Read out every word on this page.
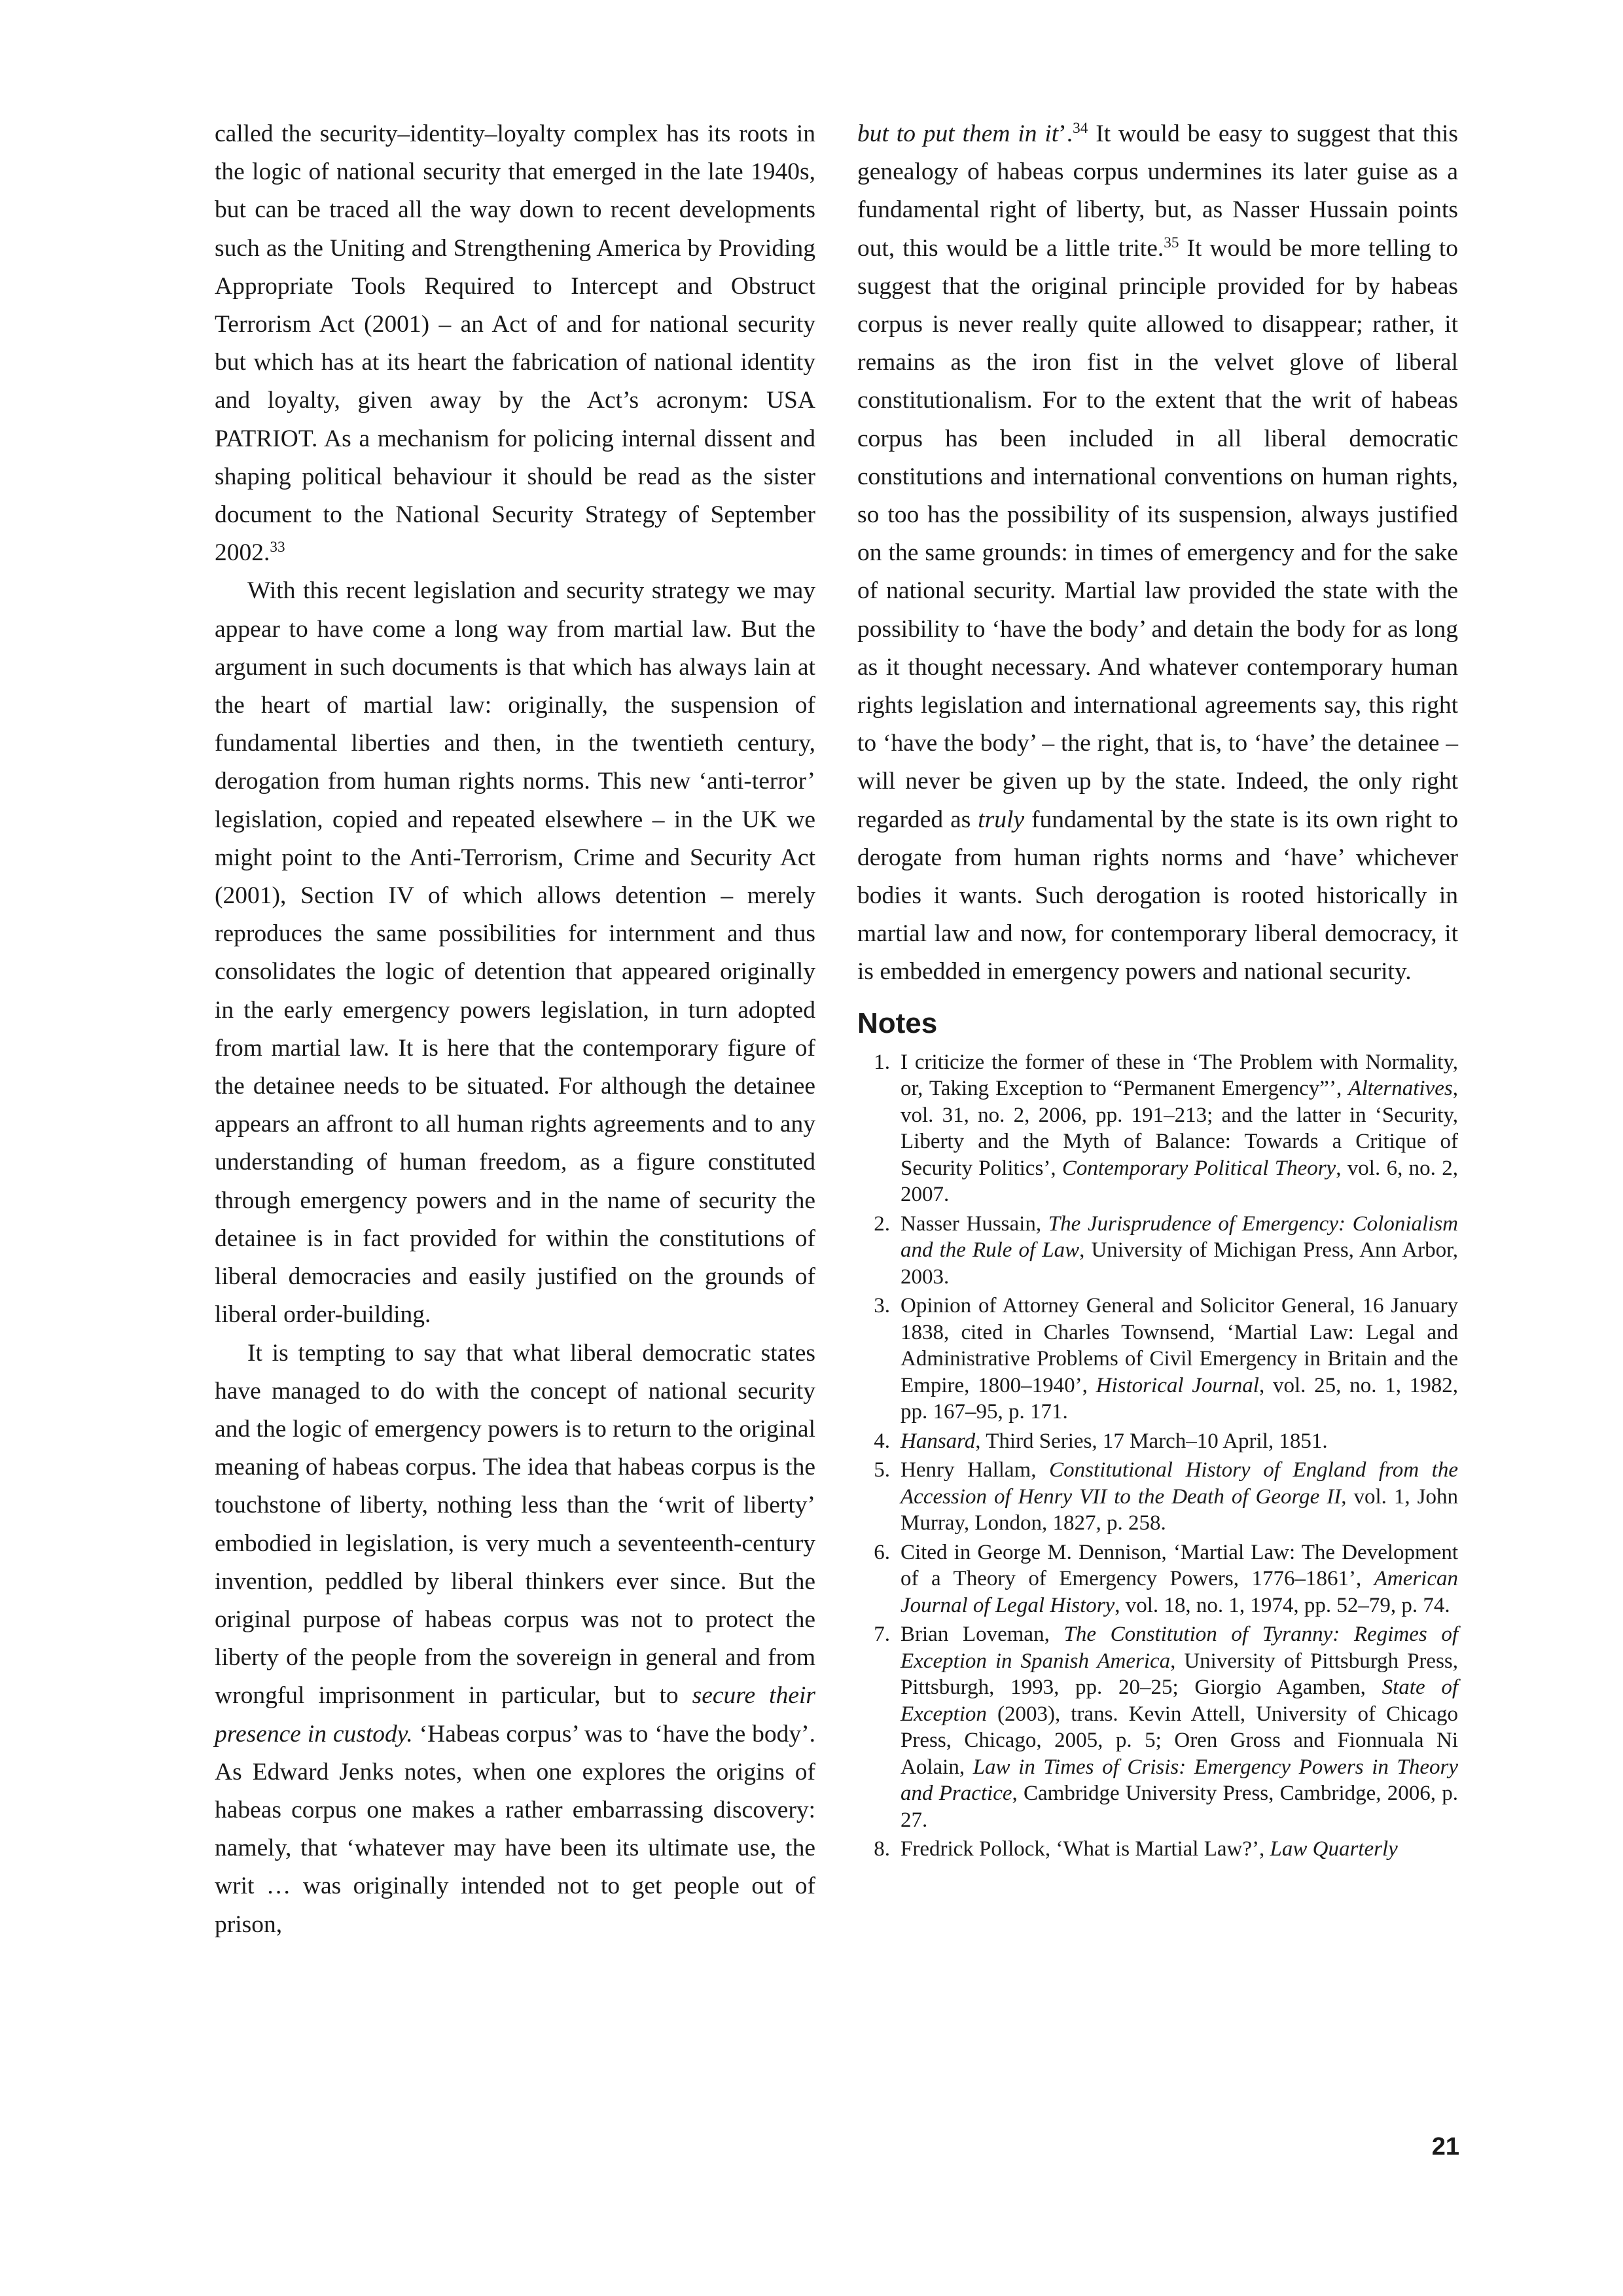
called the security–identity–loyalty complex has its roots in the logic of national security that emerged in the late 1940s, but can be traced all the way down to recent developments such as the Uniting and Strengthening America by Providing Appropriate Tools Required to Intercept and Obstruct Terrorism Act (2001) – an Act of and for national security but which has at its heart the fabrication of national identity and loyalty, given away by the Act’s acronym: USA PATRIOT. As a mechanism for policing internal dissent and shaping political behaviour it should be read as the sister document to the National Security Strategy of September 2002.33

With this recent legislation and security strategy we may appear to have come a long way from martial law. But the argument in such documents is that which has always lain at the heart of martial law: originally, the suspension of fundamental liberties and then, in the twentieth century, derogation from human rights norms. This new ‘anti-terror’ legislation, copied and repeated elsewhere – in the UK we might point to the Anti-Terrorism, Crime and Security Act (2001), Section IV of which allows detention – merely reproduces the same possibilities for internment and thus consolidates the logic of detention that appeared originally in the early emergency powers legislation, in turn adopted from martial law. It is here that the contemporary figure of the detainee needs to be situated. For although the detainee appears an affront to all human rights agreements and to any understanding of human freedom, as a figure constituted through emergency powers and in the name of security the detainee is in fact provided for within the constitutions of liberal democracies and easily justified on the grounds of liberal order-building.

It is tempting to say that what liberal democratic states have managed to do with the concept of national security and the logic of emergency powers is to return to the original meaning of habeas corpus. The idea that habeas corpus is the touchstone of liberty, nothing less than the ‘writ of liberty’ embodied in legislation, is very much a seventeenth-century invention, peddled by liberal thinkers ever since. But the original purpose of habeas corpus was not to protect the liberty of the people from the sovereign in general and from wrongful imprisonment in particular, but to secure their presence in custody. ‘Habeas corpus’ was to ‘have the body’. As Edward Jenks notes, when one explores the origins of habeas corpus one makes a rather embarrassing discovery: namely, that ‘whatever may have been its ultimate use, the writ … was originally intended not to get people out of prison,

but to put them in it’.$^{34}$ It would be easy to suggest that this genealogy of habeas corpus undermines its later guise as a fundamental right of liberty, but, as Nasser Hussain points out, this would be a little trite.$^{35}$ It would be more telling to suggest that the original principle provided for by habeas corpus is never really quite allowed to disappear; rather, it remains as the iron fist in the velvet glove of liberal constitutionalism. For to the extent that the writ of habeas corpus has been included in all liberal democratic constitutions and international conventions on human rights, so too has the possibility of its suspension, always justified on the same grounds: in times of emergency and for the sake of national security. Martial law provided the state with the possibility to ‘have the body’ and detain the body for as long as it thought necessary. And whatever contemporary human rights legislation and international agreements say, this right to ‘have the body’ – the right, that is, to ‘have’ the detainee – will never be given up by the state. Indeed, the only right regarded as truly fundamental by the state is its own right to derogate from human rights norms and ‘have’ whichever bodies it wants. Such derogation is rooted historically in martial law and now, for contemporary liberal democracy, it is embedded in emergency powers and national security.

Notes
1. I criticize the former of these in ‘The Problem with Normality, or, Taking Exception to “Permanent Emergency”’, Alternatives, vol. 31, no. 2, 2006, pp. 191–213; and the latter in ‘Security, Liberty and the Myth of Balance: Towards a Critique of Security Politics’, Contemporary Political Theory, vol. 6, no. 2, 2007.
2. Nasser Hussain, The Jurisprudence of Emergency: Colonialism and the Rule of Law, University of Michigan Press, Ann Arbor, 2003.
3. Opinion of Attorney General and Solicitor General, 16 January 1838, cited in Charles Townsend, ‘Martial Law: Legal and Administrative Problems of Civil Emergency in Britain and the Empire, 1800–1940’, Historical Journal, vol. 25, no. 1, 1982, pp. 167–95, p. 171.
4. Hansard, Third Series, 17 March–10 April, 1851.
5. Henry Hallam, Constitutional History of England from the Accession of Henry VII to the Death of George II, vol. 1, John Murray, London, 1827, p. 258.
6. Cited in George M. Dennison, ‘Martial Law: The Development of a Theory of Emergency Powers, 1776–1861’, American Journal of Legal History, vol. 18, no. 1, 1974, pp. 52–79, p. 74.
7. Brian Loveman, The Constitution of Tyranny: Regimes of Exception in Spanish America, University of Pittsburgh Press, Pittsburgh, 1993, pp. 20–25; Giorgio Agamben, State of Exception (2003), trans. Kevin Attell, University of Chicago Press, Chicago, 2005, p. 5; Oren Gross and Fionnuala Ni Aolain, Law in Times of Crisis: Emergency Powers in Theory and Practice, Cambridge University Press, Cambridge, 2006, p. 27.
8. Fredrick Pollock, ‘What is Martial Law?’, Law Quarterly
21
